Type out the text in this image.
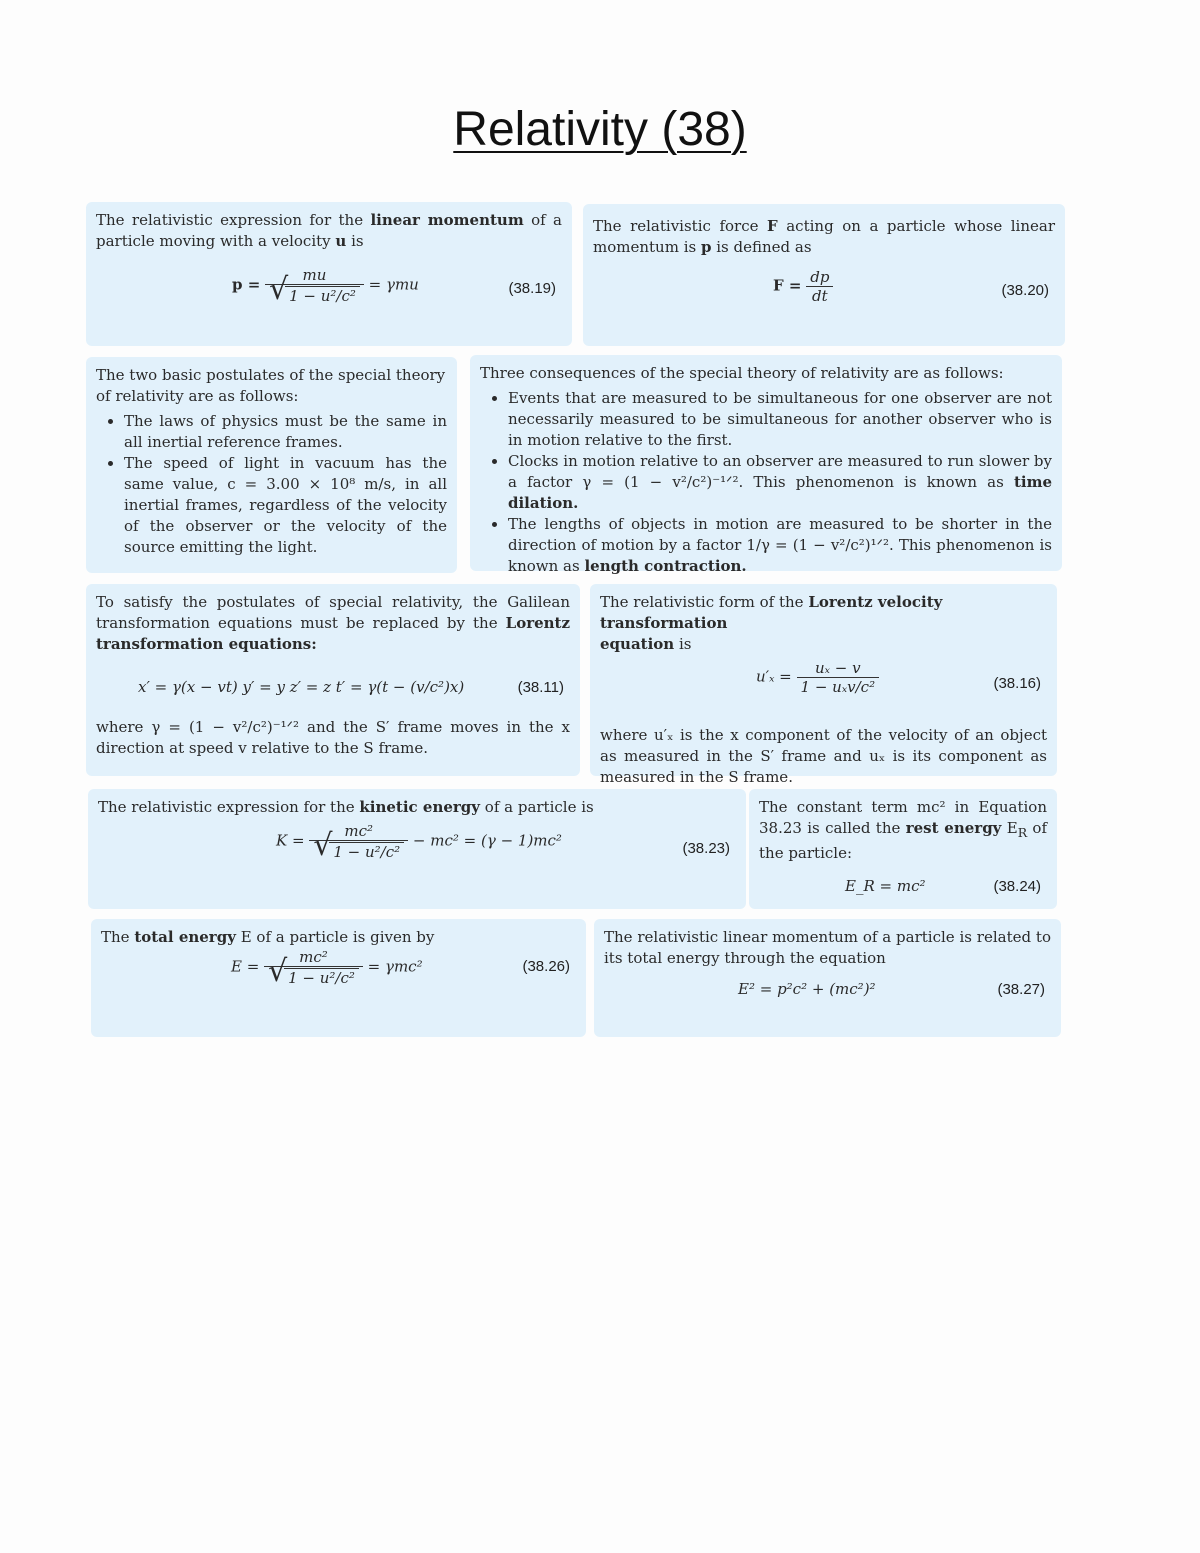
Relativity (38)

The relativistic expression for the linear momentum of a particle moving with a velocity u is

p = mu
√ 1 − u²/c² = γmu	(38.19)

The relativistic force F acting on a particle whose linear momentum is p is defined as

$F = \frac{dp}{dt}$	(38.20)

The two basic postulates of the special theory of relativity are as follows:

• The laws of physics must be the same in all inertial reference frames.
• The speed of light in vacuum has the same value, c = 3.00 × 10⁸ m/s, in all inertial frames, regardless of the velocity of the observer or the velocity of the source emitting the light.

Three consequences of the special theory of relativity are as follows:

• Events that are measured to be simultaneous for one observer are not necessarily measured to be simultaneous for another observer who is in motion relative to the first.
• Clocks in motion relative to an observer are measured to run slower by a factor γ = (1 − v²/c²)⁻¹ᐟ². This phenomenon is known as time dilation.
• The lengths of objects in motion are measured to be shorter in the direction of motion by a factor 1/γ = (1 − v²/c²)¹ᐟ². This phenomenon is known as length contraction.

To satisfy the postulates of special relativity, the Galilean transformation equations must be replaced by the Lorentz transformation equations:

x′ = γ(x − vt) y′ = y z′ = z t′ = γ(t − (v/c²)x)	(38.11)

where γ = (1 − v²/c²)⁻¹ᐟ² and the S′ frame moves in the x direction at speed v relative to the S frame.

The relativistic form of the Lorentz velocity transformation
equation is

$u'_x = \frac{\text{uₓ − v}}{\text{1 − uₓv/c²}}$	(38.16)

where u′ₓ is the x component of the velocity of an object as measured in the S′ frame and uₓ is its component as measured in the S frame.

The relativistic expression for the kinetic energy of a particle is

K = mc²
√ 1 − u²/c² − mc² = (γ − 1)mc²	(38.23)

The constant term mc² in Equation 38.23 is called the rest energy $E_R$ of the particle:

E_R = mc²	(38.24)

The total energy E of a particle is given by

E = mc²
√ 1 − u²/c² = γmc²	(38.26)

The relativistic linear momentum of a particle is related to its total energy through the equation

E² = p²c² + (mc²)²	(38.27)
